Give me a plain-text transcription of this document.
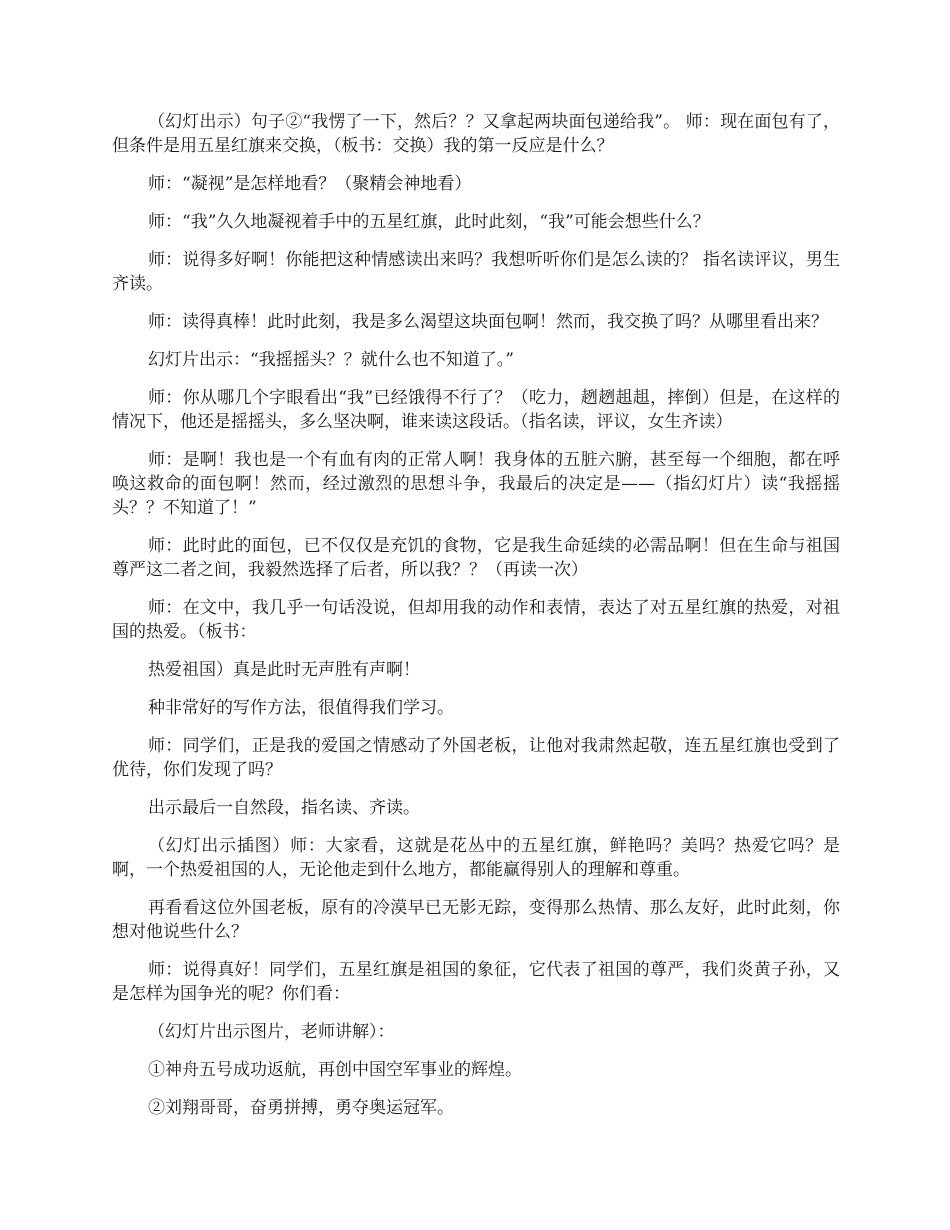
（幻灯出示）句子②“我愣了一下，然后？？又拿起两块面包递给我”。 师：现在面包有了，但条件是用五星红旗来交换，（板书：交换）我的第一反应是什么？

师：“凝视”是怎样地看？（聚精会神地看）

师：“我”久久地凝视着手中的五星红旗，此时此刻，“我”可能会想些什么？

师：说得多好啊！你能把这种情感读出来吗？我想听听你们是怎么读的？ 指名读评议，男生齐读。

师：读得真棒！此时此刻，我是多么渴望这块面包啊！然而，我交换了吗？从哪里看出来？

幻灯片出示：“我摇摇头？？就什么也不知道了。”

师：你从哪几个字眼看出“我”已经饿得不行了？（吃力，趔趔趄趄，摔倒）但是，在这样的情况下，他还是摇摇头，多么坚决啊，谁来读这段话。（指名读，评议，女生齐读）

师：是啊！我也是一个有血有肉的正常人啊！我身体的五脏六腑，甚至每一个细胞，都在呼唤这救命的面包啊！然而，经过激烈的思想斗争，我最后的决定是——（指幻灯片）读“我摇摇头？？不知道了！”

师：此时此的面包，已不仅仅是充饥的食物，它是我生命延续的必需品啊！但在生命与祖国尊严这二者之间，我毅然选择了后者，所以我？？（再读一次）

师：在文中，我几乎一句话没说，但却用我的动作和表情，表达了对五星红旗的热爱，对祖国的热爱。（板书：

热爱祖国）真是此时无声胜有声啊！

种非常好的写作方法，很值得我们学习。

师：同学们，正是我的爱国之情感动了外国老板，让他对我肃然起敬，连五星红旗也受到了优待，你们发现了吗？

出示最后一自然段，指名读、齐读。

（幻灯出示插图）师：大家看，这就是花丛中的五星红旗，鲜艳吗？美吗？热爱它吗？是啊，一个热爱祖国的人，无论他走到什么地方，都能赢得别人的理解和尊重。

再看看这位外国老板，原有的冷漠早已无影无踪，变得那么热情、那么友好，此时此刻，你想对他说些什么？

师：说得真好！同学们，五星红旗是祖国的象征，它代表了祖国的尊严，我们炎黄子孙，又是怎样为国争光的呢？你们看：

（幻灯片出示图片，老师讲解）：

①神舟五号成功返航，再创中国空军事业的辉煌。

②刘翔哥哥，奋勇拼搏，勇夺奥运冠军。
